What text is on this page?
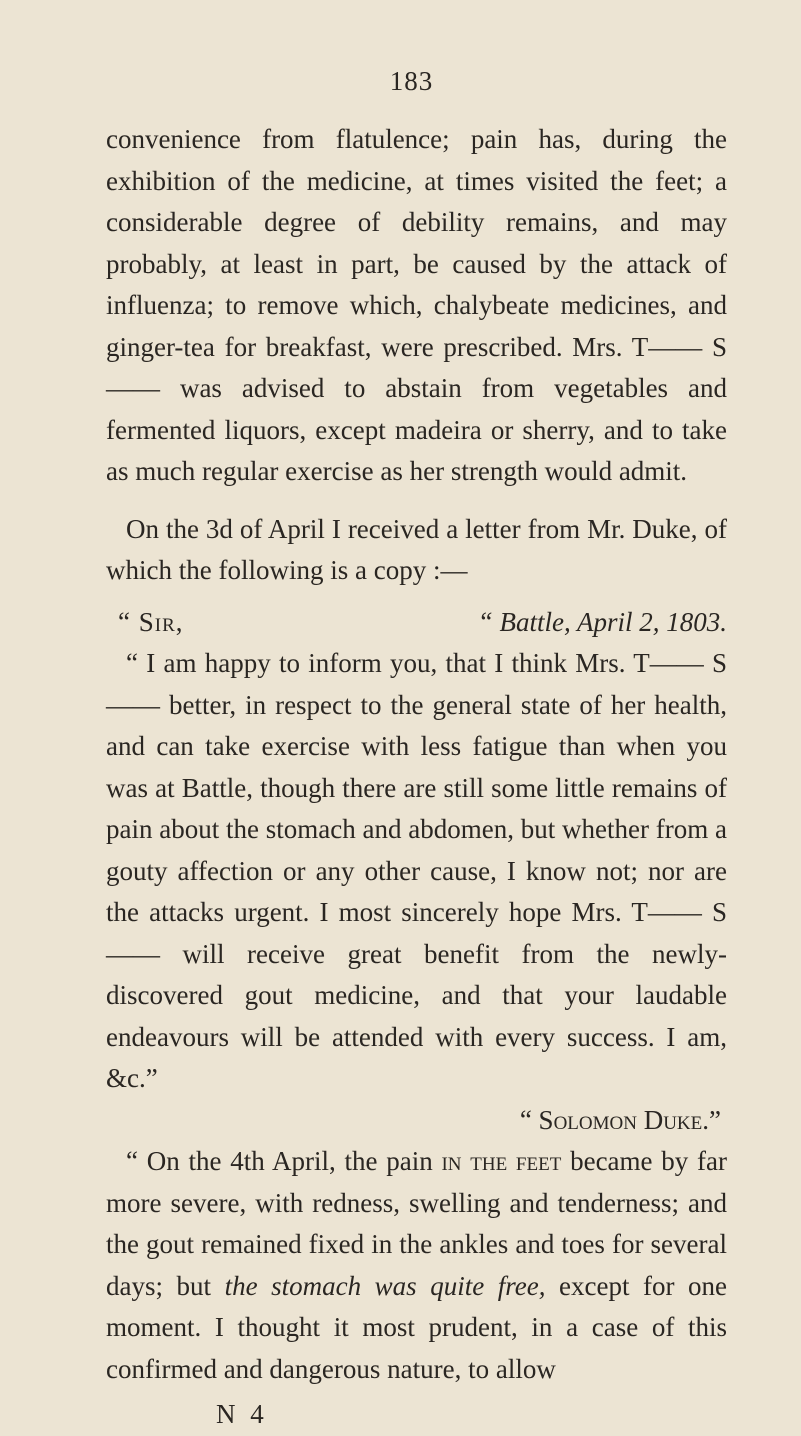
183

convenience from flatulence; pain has, during the exhibition of the medicine, at times visited the feet; a considerable degree of debility remains, and may probably, at least in part, be caused by the attack of influenza; to remove which, chalybeate medicines, and ginger-tea for breakfast, were prescribed. Mrs. T—— S—— was advised to abstain from vegetables and fermented liquors, except madeira or sherry, and to take as much regular exercise as her strength would admit.

On the 3d of April I received a letter from Mr. Duke, of which the following is a copy :—

“ Sir,	“ Battle, April 2, 1803.

“ I am happy to inform you, that I think Mrs. T—— S—— better, in respect to the general state of her health, and can take exercise with less fatigue than when you was at Battle, though there are still some little remains of pain about the stomach and abdomen, but whether from a gouty affection or any other cause, I know not; nor are the attacks urgent. I most sincerely hope Mrs. T—— S—— will receive great benefit from the newly-discovered gout medicine, and that your laudable endeavours will be attended with every success. I am, &c.”

“ Solomon Duke.”

“ On the 4th April, the pain in the feet became by far more severe, with redness, swelling and tenderness; and the gout remained fixed in the ankles and toes for several days; but the stomach was quite free, except for one moment. I thought it most prudent, in a case of this confirmed and dangerous nature, to allow

N 4
